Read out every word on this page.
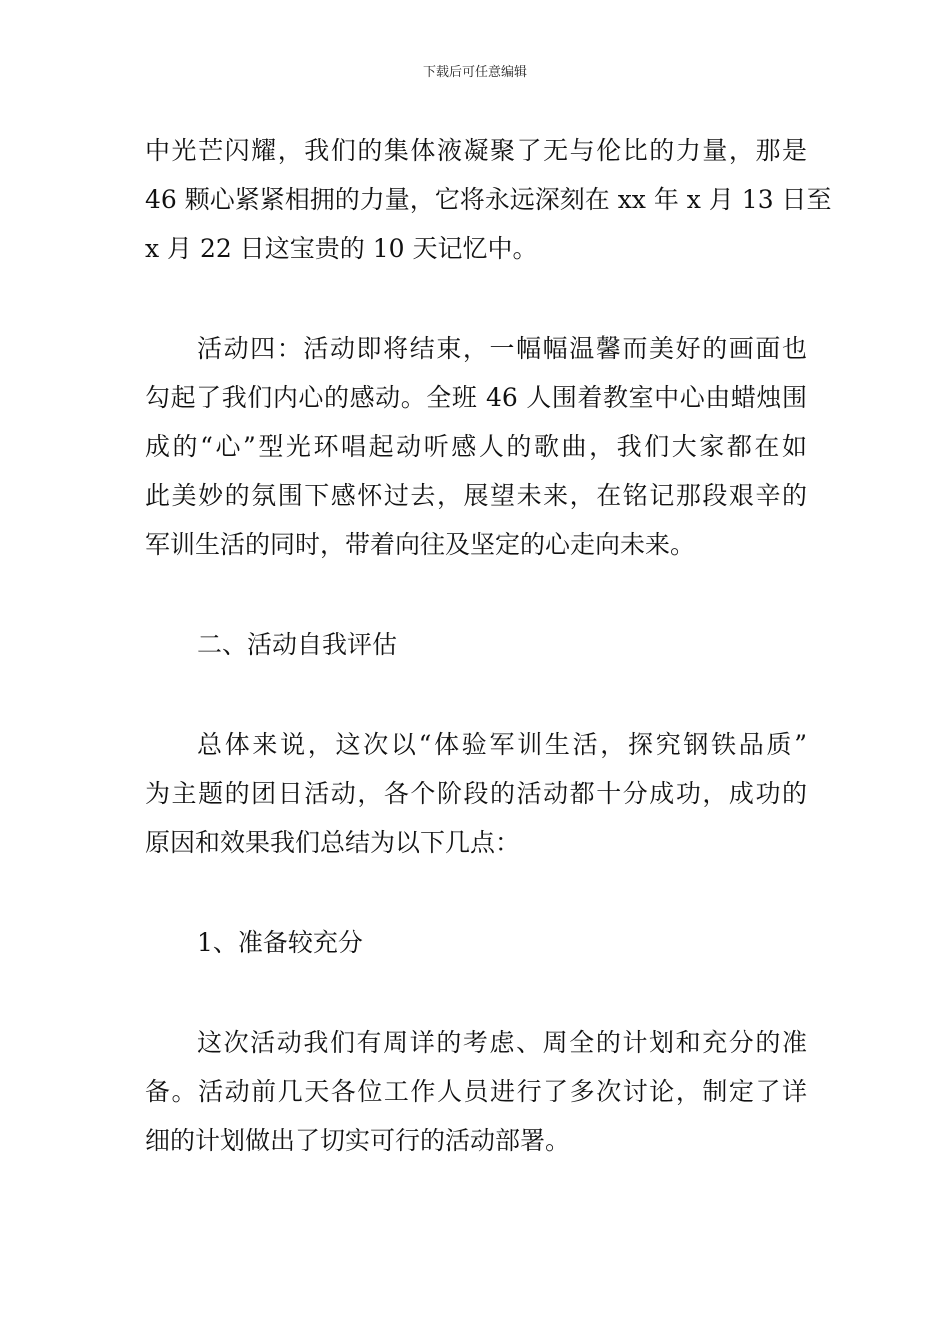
下载后可任意编辑

中光芒闪耀，我们的集体液凝聚了无与伦比的力量，那是
46 颗心紧紧相拥的力量，它将永远深刻在 xx 年 x 月 13 日至
x 月 22 日这宝贵的 10 天记忆中。

活动四：活动即将结束，一幅幅温馨而美好的画面也
勾起了我们内心的感动。全班 46 人围着教室中心由蜡烛围
成的“心”型光环唱起动听感人的歌曲，我们大家都在如
此美妙的氛围下感怀过去，展望未来，在铭记那段艰辛的
军训生活的同时，带着向往及坚定的心走向未来。

二、活动自我评估

总体来说，这次以“体验军训生活，探究钢铁品质”
为主题的团日活动，各个阶段的活动都十分成功，成功的
原因和效果我们总结为以下几点：

1、准备较充分

这次活动我们有周详的考虑、周全的计划和充分的准
备。活动前几天各位工作人员进行了多次讨论，制定了详
细的计划做出了切实可行的活动部署。
